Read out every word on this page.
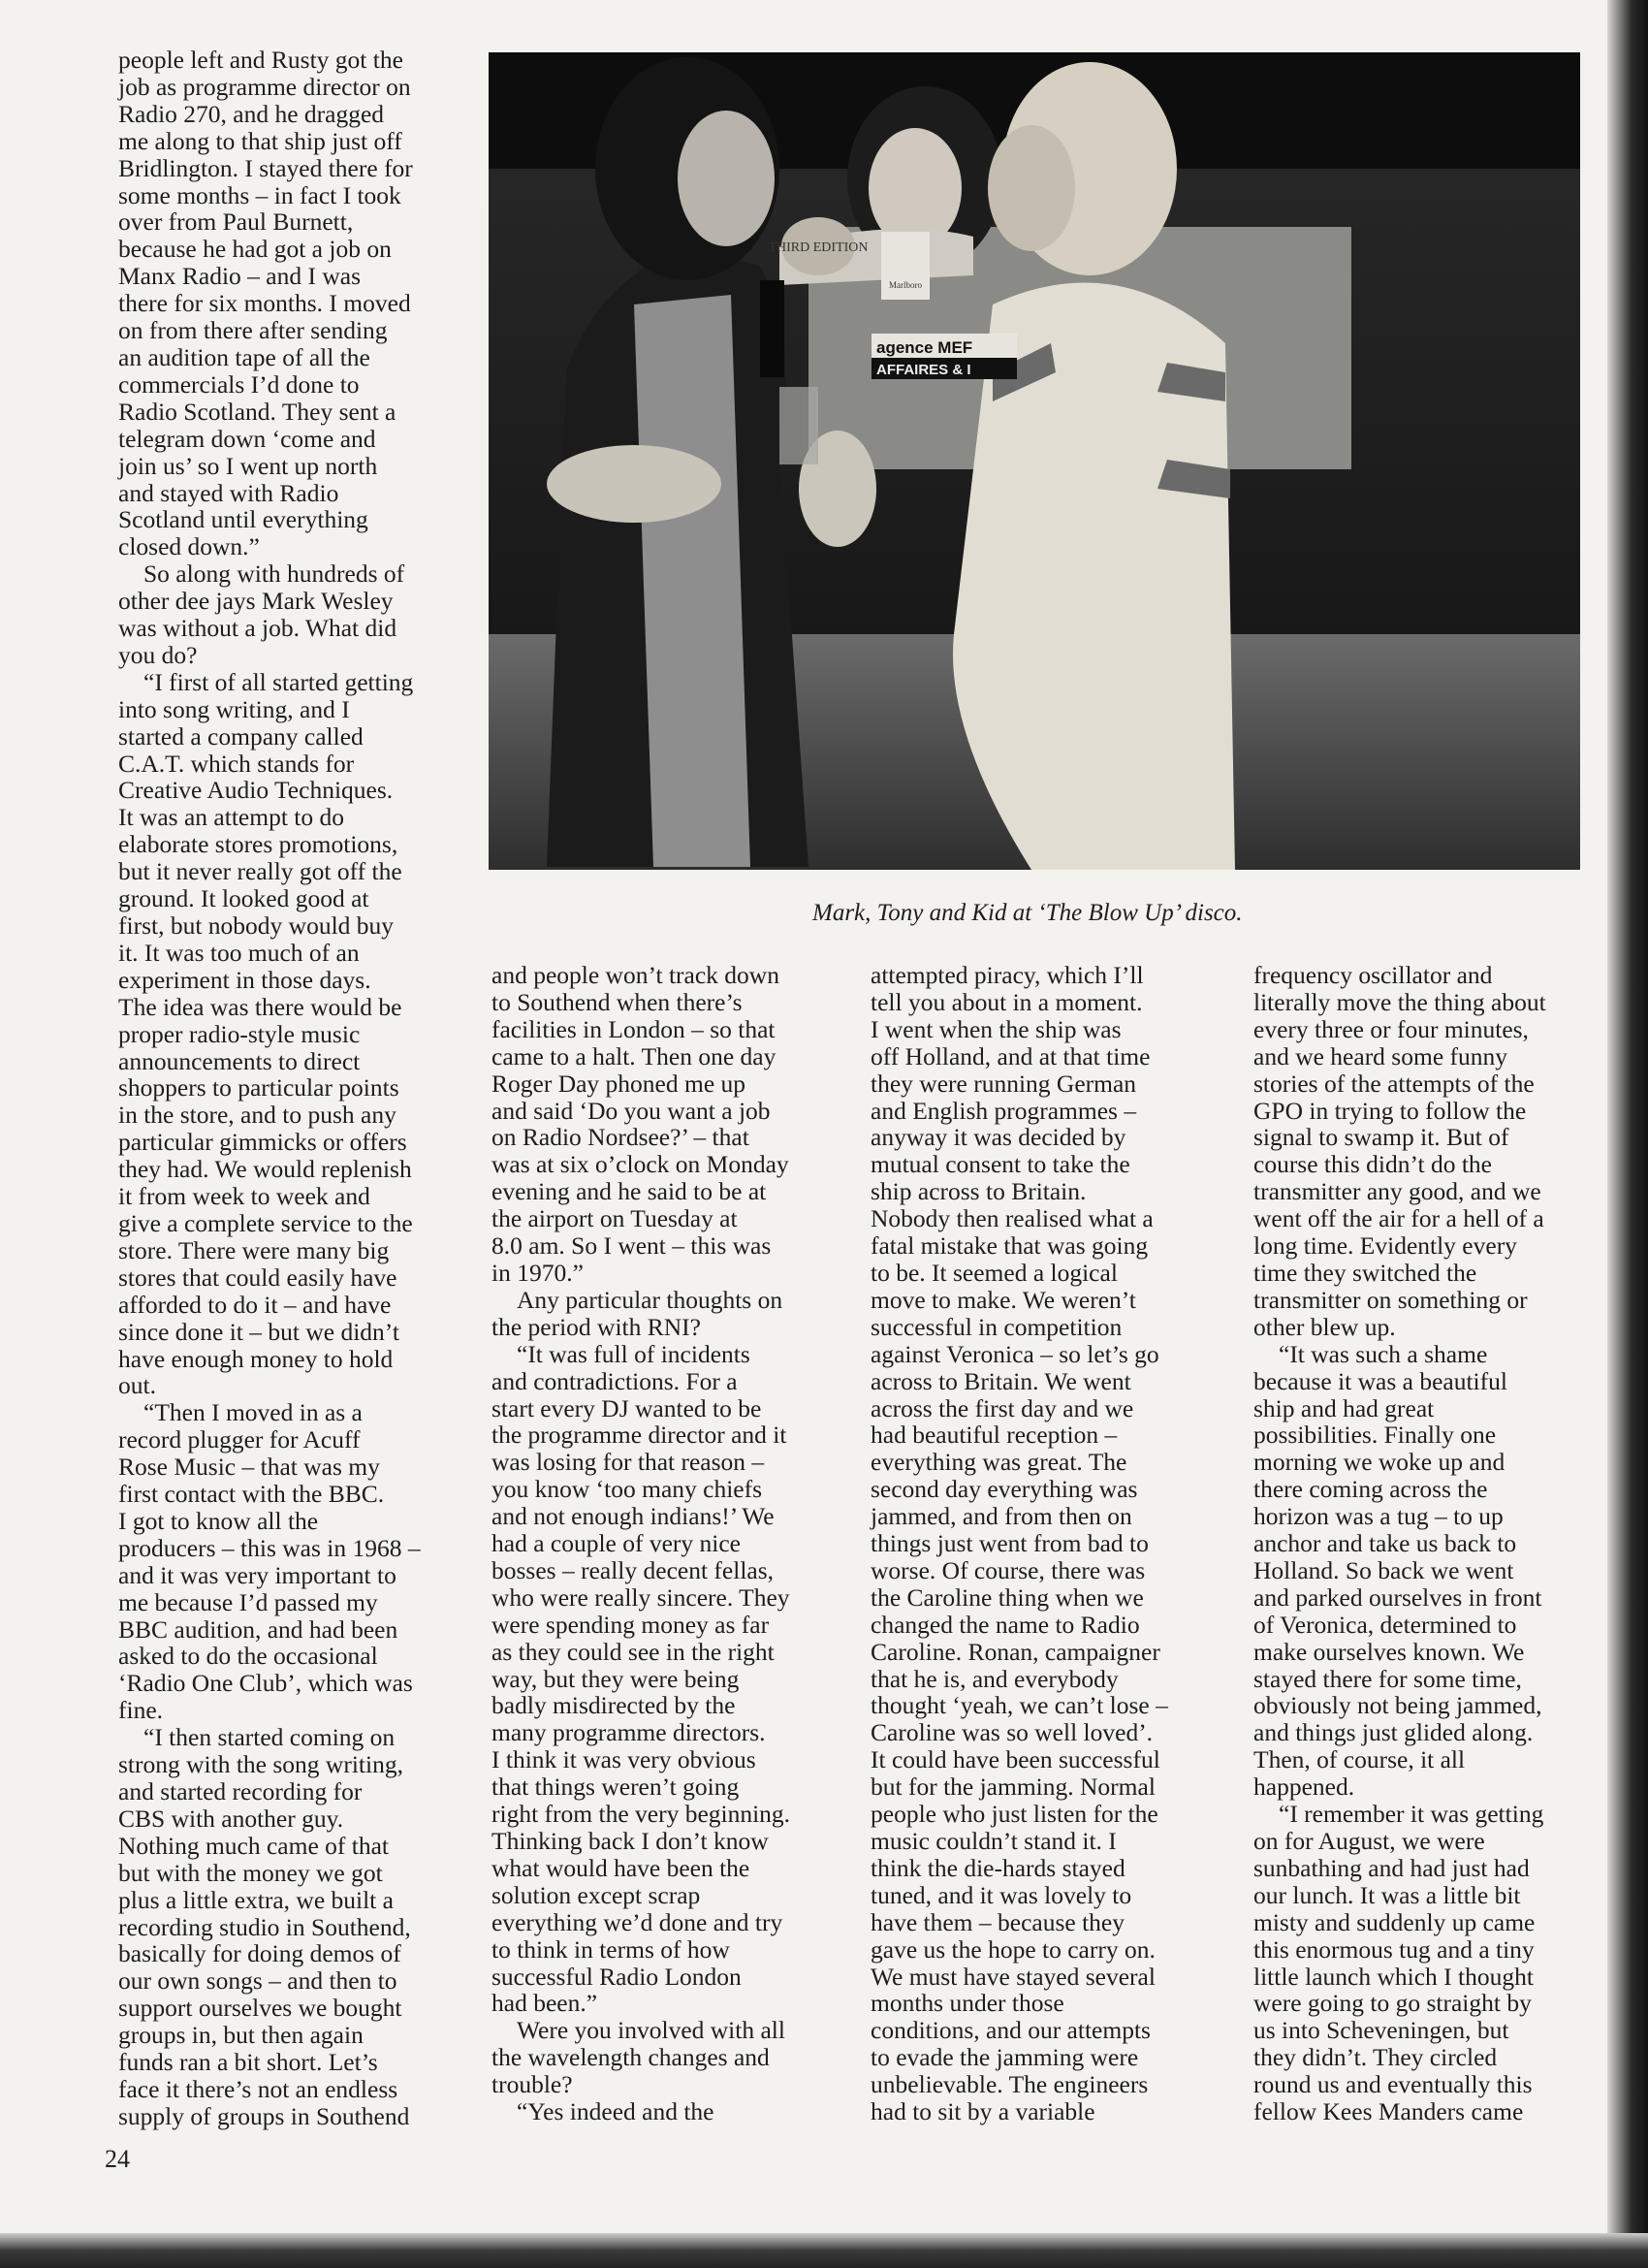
THIRD EDITION
Marlboro
agence MEF
AFFAIRES & I
Mark, Tony and Kid at ‘The Blow Up’ disco.
people left and Rusty got the
job as programme director on
Radio 270, and he dragged
me along to that ship just off
Bridlington. I stayed there for
some months – in fact I took
over from Paul Burnett,
because he had got a job on
Manx Radio – and I was
there for six months. I moved
on from there after sending
an audition tape of all the
commercials I’d done to
Radio Scotland. They sent a
telegram down ‘come and
join us’ so I went up north
and stayed with Radio
Scotland until everything
closed down.”
So along with hundreds of
other dee jays Mark Wesley
was without a job. What did
you do?
“I first of all started getting
into song writing, and I
started a company called
C.A.T. which stands for
Creative Audio Techniques.
It was an attempt to do
elaborate stores promotions,
but it never really got off the
ground. It looked good at
first, but nobody would buy
it. It was too much of an
experiment in those days.
The idea was there would be
proper radio-style music
announcements to direct
shoppers to particular points
in the store, and to push any
particular gimmicks or offers
they had. We would replenish
it from week to week and
give a complete service to the
store. There were many big
stores that could easily have
afforded to do it – and have
since done it – but we didn’t
have enough money to hold
out.
“Then I moved in as a
record plugger for Acuff
Rose Music – that was my
first contact with the BBC.
I got to know all the
producers – this was in 1968 –
and it was very important to
me because I’d passed my
BBC audition, and had been
asked to do the occasional
‘Radio One Club’, which was
fine.
“I then started coming on
strong with the song writing,
and started recording for
CBS with another guy.
Nothing much came of that
but with the money we got
plus a little extra, we built a
recording studio in Southend,
basically for doing demos of
our own songs – and then to
support ourselves we bought
groups in, but then again
funds ran a bit short. Let’s
face it there’s not an endless
supply of groups in Southend
and people won’t track down
to Southend when there’s
facilities in London – so that
came to a halt. Then one day
Roger Day phoned me up
and said ‘Do you want a job
on Radio Nordsee?’ – that
was at six o’clock on Monday
evening and he said to be at
the airport on Tuesday at
8.0 am. So I went – this was
in 1970.”
Any particular thoughts on
the period with RNI?
“It was full of incidents
and contradictions. For a
start every DJ wanted to be
the programme director and it
was losing for that reason –
you know ‘too many chiefs
and not enough indians!’ We
had a couple of very nice
bosses – really decent fellas,
who were really sincere. They
were spending money as far
as they could see in the right
way, but they were being
badly misdirected by the
many programme directors.
I think it was very obvious
that things weren’t going
right from the very beginning.
Thinking back I don’t know
what would have been the
solution except scrap
everything we’d done and try
to think in terms of how
successful Radio London
had been.”
Were you involved with all
the wavelength changes and
trouble?
“Yes indeed and the
attempted piracy, which I’ll
tell you about in a moment.
I went when the ship was
off Holland, and at that time
they were running German
and English programmes –
anyway it was decided by
mutual consent to take the
ship across to Britain.
Nobody then realised what a
fatal mistake that was going
to be. It seemed a logical
move to make. We weren’t
successful in competition
against Veronica – so let’s go
across to Britain. We went
across the first day and we
had beautiful reception –
everything was great. The
second day everything was
jammed, and from then on
things just went from bad to
worse. Of course, there was
the Caroline thing when we
changed the name to Radio
Caroline. Ronan, campaigner
that he is, and everybody
thought ‘yeah, we can’t lose –
Caroline was so well loved’.
It could have been successful
but for the jamming. Normal
people who just listen for the
music couldn’t stand it. I
think the die-hards stayed
tuned, and it was lovely to
have them – because they
gave us the hope to carry on.
We must have stayed several
months under those
conditions, and our attempts
to evade the jamming were
unbelievable. The engineers
had to sit by a variable
frequency oscillator and
literally move the thing about
every three or four minutes,
and we heard some funny
stories of the attempts of the
GPO in trying to follow the
signal to swamp it. But of
course this didn’t do the
transmitter any good, and we
went off the air for a hell of a
long time. Evidently every
time they switched the
transmitter on something or
other blew up.
“It was such a shame
because it was a beautiful
ship and had great
possibilities. Finally one
morning we woke up and
there coming across the
horizon was a tug – to up
anchor and take us back to
Holland. So back we went
and parked ourselves in front
of Veronica, determined to
make ourselves known. We
stayed there for some time,
obviously not being jammed,
and things just glided along.
Then, of course, it all
happened.
“I remember it was getting
on for August, we were
sunbathing and had just had
our lunch. It was a little bit
misty and suddenly up came
this enormous tug and a tiny
little launch which I thought
were going to go straight by
us into Scheveningen, but
they didn’t. They circled
round us and eventually this
fellow Kees Manders came
24
